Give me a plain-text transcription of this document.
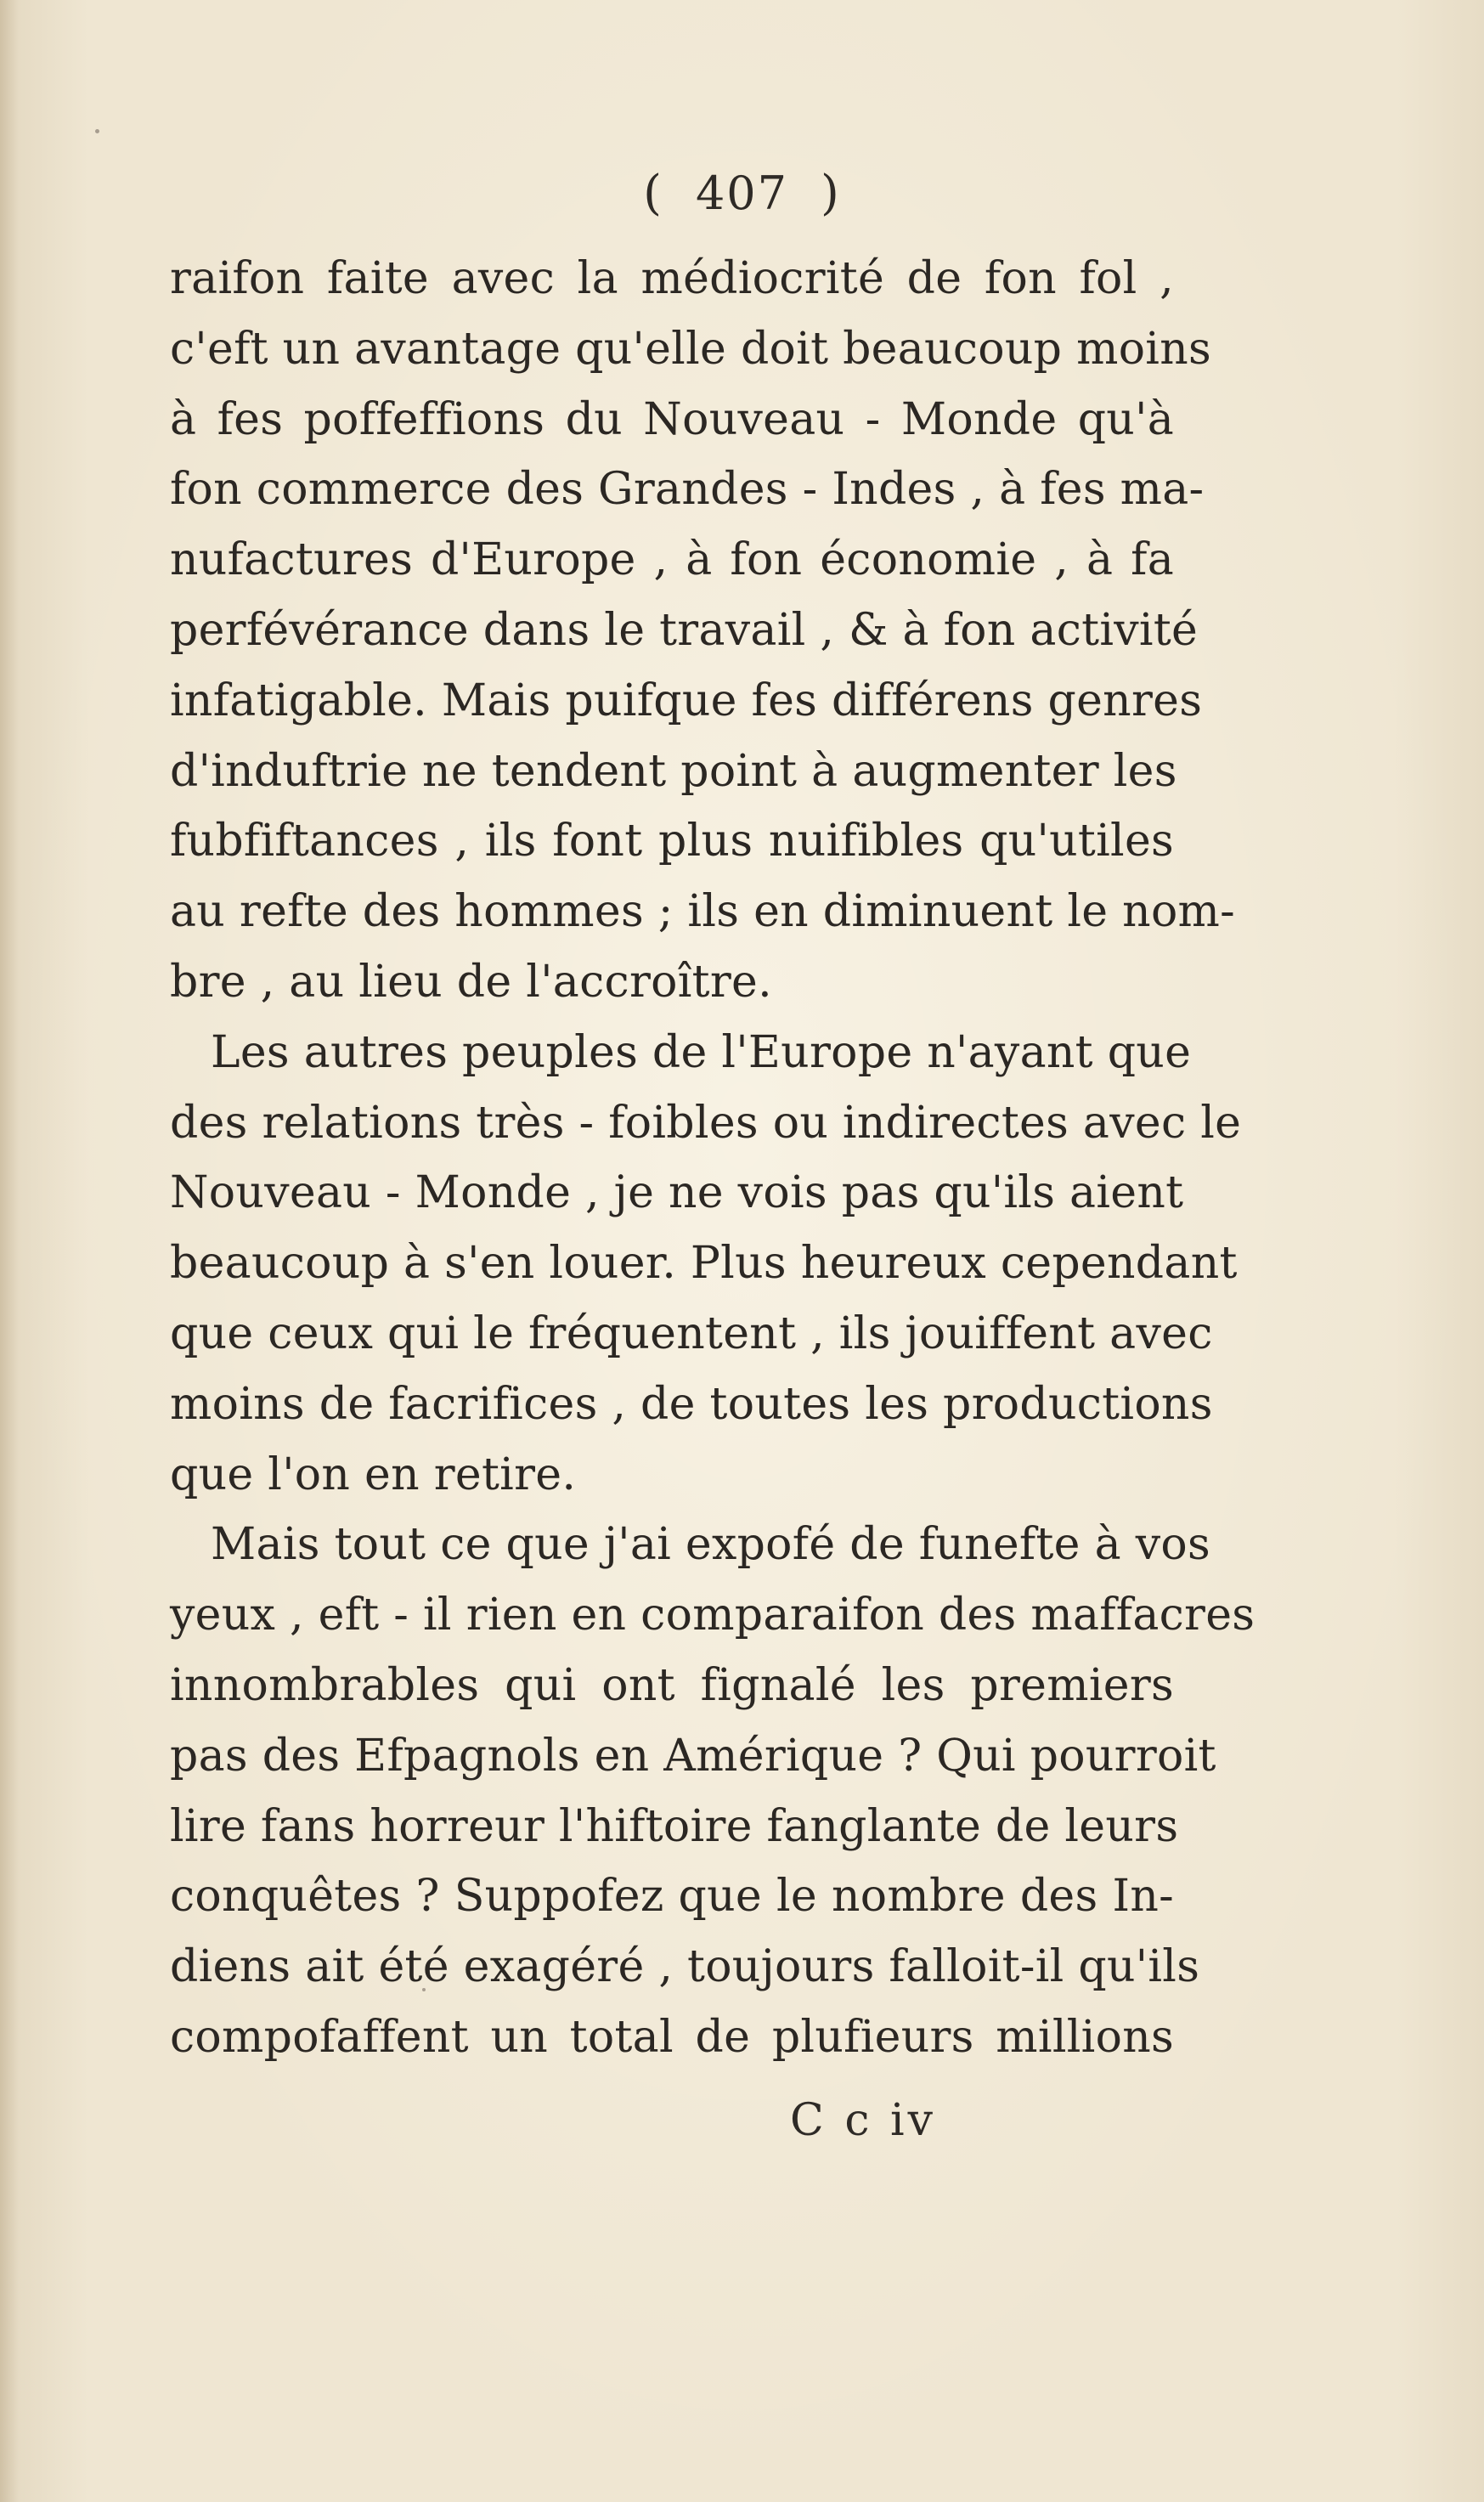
( 407 )
raifon faite avec la médiocrité de fon fol ,
c'eft un avantage qu'elle doit beaucoup moins
à fes poffeffions du Nouveau - Monde qu'à
fon commerce des Grandes - Indes , à fes ma-
nufactures d'Europe , à fon économie , à fa
perfévérance dans le travail , & à fon activité
infatigable. Mais puifque fes différens genres
d'induftrie ne tendent point à augmenter les
fubfiftances , ils font plus nuifibles qu'utiles
au refte des hommes ; ils en diminuent le nom-
bre , au lieu de l'accroître.
Les autres peuples de l'Europe n'ayant que
des relations très - foibles ou indirectes avec le
Nouveau - Monde , je ne vois pas qu'ils aient
beaucoup à s'en louer. Plus heureux cependant
que ceux qui le fréquentent , ils jouiffent avec
moins de facrifices , de toutes les productions
que l'on en retire.
Mais tout ce que j'ai expofé de funefte à vos
yeux , eft - il rien en comparaifon des maffacres
innombrables qui ont fignalé les premiers
pas des Efpagnols en Amérique ? Qui pourroit
lire fans horreur l'hiftoire fanglante de leurs
conquêtes ? Suppofez que le nombre des In-
diens ait été exagéré , toujours falloit-il qu'ils
compofaffent un total de plufieurs millions
C c iv
